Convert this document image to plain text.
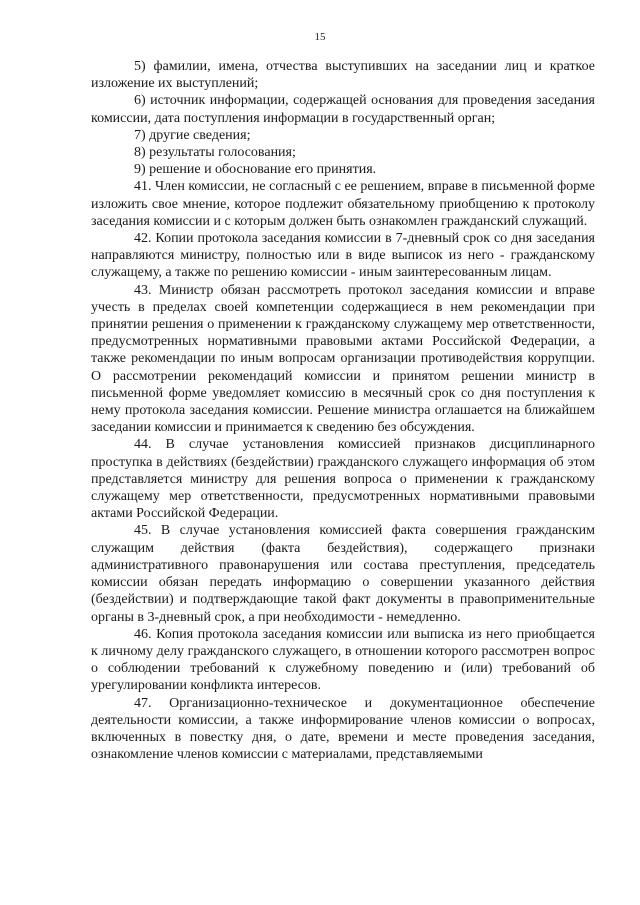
15

5) фамилии, имена, отчества выступивших на заседании лиц и краткое изложение их выступлений;

6) источник информации, содержащей основания для проведения заседания комиссии, дата поступления информации в государственный орган;

7) другие сведения;

8) результаты голосования;

9) решение и обоснование его принятия.

41. Член комиссии, не согласный с ее решением, вправе в письменной форме изложить свое мнение, которое подлежит обязательному приобщению к протоколу заседания комиссии и с которым должен быть ознакомлен гражданский служащий.

42. Копии протокола заседания комиссии в 7-дневный срок со дня заседания направляются министру, полностью или в виде выписок из него - гражданскому служащему, а также по решению комиссии - иным заинтересованным лицам.

43. Министр обязан рассмотреть протокол заседания комиссии и вправе учесть в пределах своей компетенции содержащиеся в нем рекомендации при принятии решения о применении к гражданскому служащему мер ответственности, предусмотренных нормативными правовыми актами Российской Федерации, а также рекомендации по иным вопросам организации противодействия коррупции. О рассмотрении рекомендаций комиссии и принятом решении министр в письменной форме уведомляет комиссию в месячный срок со дня поступления к нему протокола заседания комиссии. Решение министра оглашается на ближайшем заседании комиссии и принимается к сведению без обсуждения.

44. В случае установления комиссией признаков дисциплинарного проступка в действиях (бездействии) гражданского служащего информация об этом представляется министру для решения вопроса о применении к гражданскому служащему мер ответственности, предусмотренных нормативными правовыми актами Российской Федерации.

45. В случае установления комиссией факта совершения гражданским служащим действия (факта бездействия), содержащего признаки административного правонарушения или состава преступления, председатель комиссии обязан передать информацию о совершении указанного действия (бездействии) и подтверждающие такой факт документы в правоприменительные органы в 3-дневный срок, а при необходимости - немедленно.

46. Копия протокола заседания комиссии или выписка из него приобщается к личному делу гражданского служащего, в отношении которого рассмотрен вопрос о соблюдении требований к служебному поведению и (или) требований об урегулировании конфликта интересов.

47. Организационно-техническое и документационное обеспечение деятельности комиссии, а также информирование членов комиссии о вопросах, включенных в повестку дня, о дате, времени и месте проведения заседания, ознакомление членов комиссии с материалами, представляемыми
